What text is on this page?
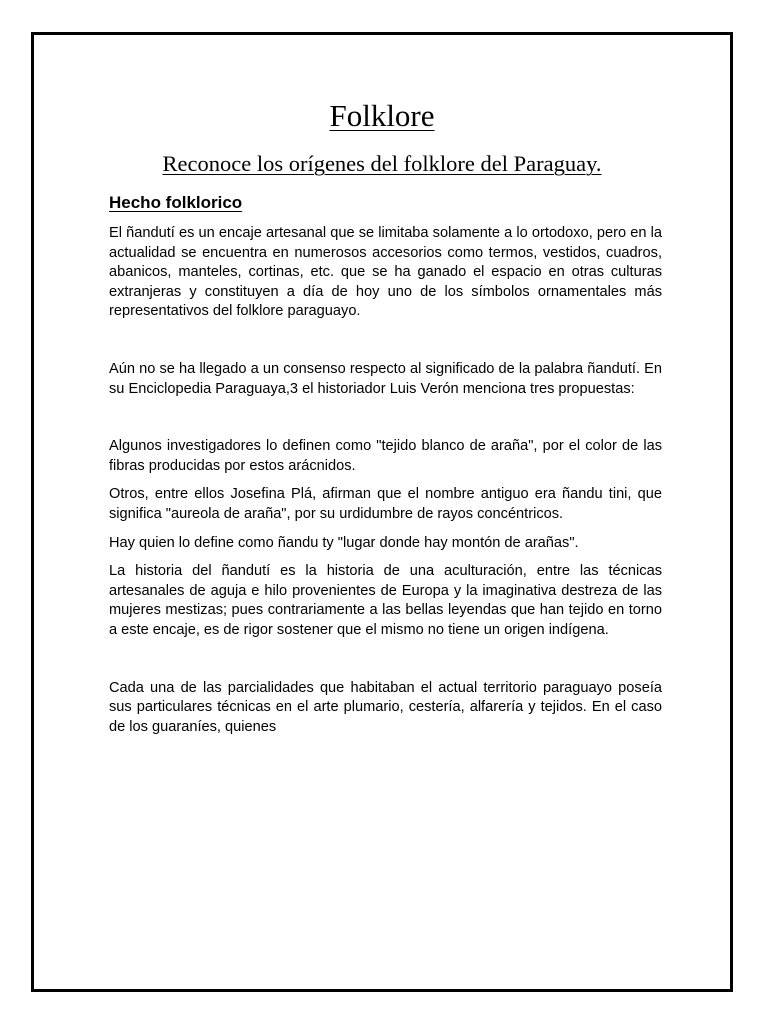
Folklore
Reconoce los orígenes del folklore del Paraguay.
Hecho folklorico

El ñandutí es un encaje artesanal que se limitaba solamente a lo ortodoxo, pero en la actualidad se encuentra en numerosos accesorios como termos, vestidos, cuadros, abanicos, manteles, cortinas, etc. que se ha ganado el espacio en otras culturas extranjeras y constituyen a día de hoy uno de los símbolos ornamentales más representativos del folklore paraguayo.

Aún no se ha llegado a un consenso respecto al significado de la palabra ñandutí. En su Enciclopedia Paraguaya,3 el historiador Luis Verón menciona tres propuestas:

Algunos investigadores lo definen como "tejido blanco de araña", por el color de las fibras producidas por estos arácnidos.

Otros, entre ellos Josefina Plá, afirman que el nombre antiguo era ñandu tini, que significa "aureola de araña", por su urdidumbre de rayos concéntricos.

Hay quien lo define como ñandu ty "lugar donde hay montón de arañas".

La historia del ñandutí es la historia de una aculturación, entre las técnicas artesanales de aguja e hilo provenientes de Europa y la imaginativa destreza de las mujeres mestizas; pues contrariamente a las bellas leyendas que han tejido en torno a este encaje, es de rigor sostener que el mismo no tiene un origen indígena.

Cada una de las parcialidades que habitaban el actual territorio paraguayo poseía sus particulares técnicas en el arte plumario, cestería, alfarería y tejidos. En el caso de los guaraníes, quienes
